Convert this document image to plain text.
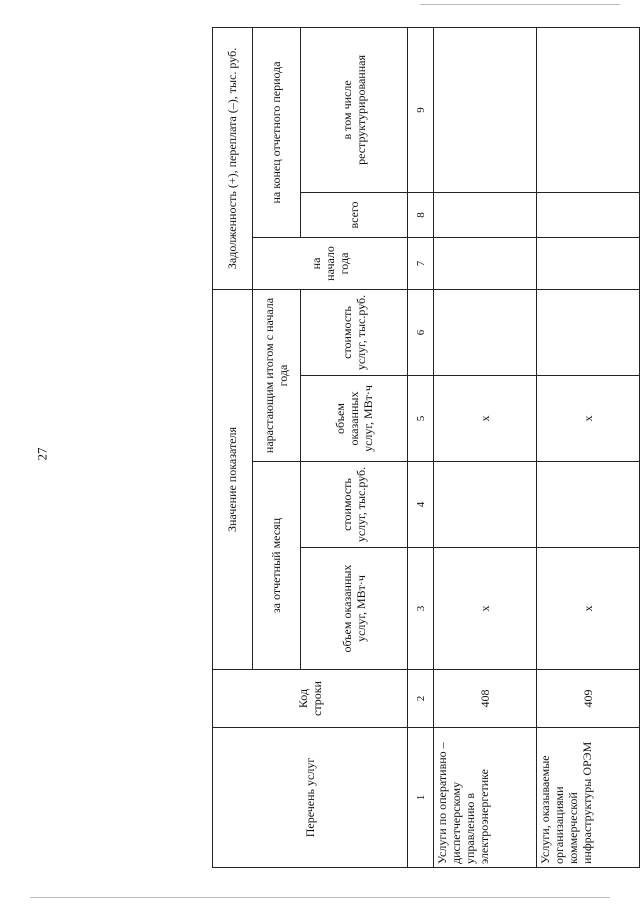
27
Перечень услуг	Код строки	Значение показателя				Задолженность (+), переплата (–), тыс. руб.		
		за отчетный месяц		нарастающим итогом с начала года		на начало года	на конец отчетного периода	
		объем оказанных услуг, МВт·ч	стоимость услуг, тыс.руб.	объем оказанных услуг, МВт·ч	стоимость услуг, тыс.руб.		всего	в том числе реструктурированная
1	2	3	4	5	6	7	8	9
Услуги по оперативно – диспетчерскому управлению в электроэнергетике	408	x		x				
Услуги, оказываемые организациями коммерческой инфраструктуры ОРЭМ	409	x		x				
